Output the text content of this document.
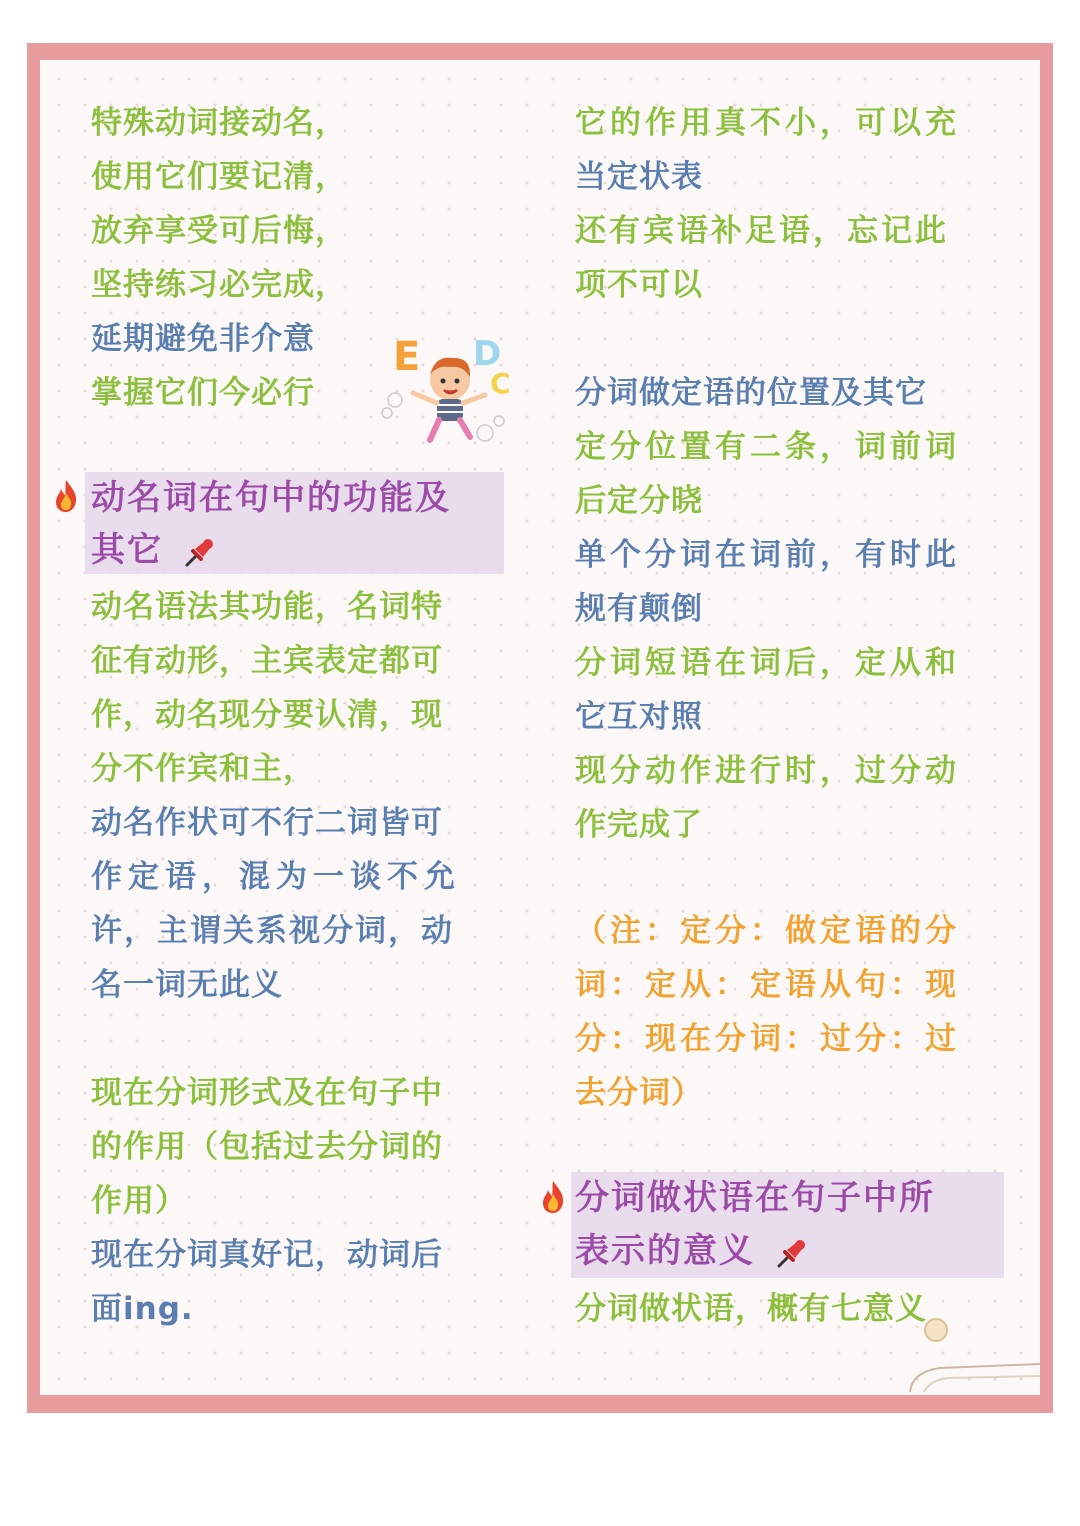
特殊动词接动名，
使用它们要记清，
放弃享受可后悔，
坚持练习必完成，
延期避免非介意
掌握它们今必行
E D
C
动名词在句中的功能及
其它
动名语法其功能，名词特
征有动形，主宾表定都可
作，动名现分要认清，现
分不作宾和主，
动名作状可不行二词皆可
作定语，混为一谈不允
许，主谓关系视分词，动
名一词无此义
现在分词形式及在句子中
的作用（包括过去分词的
作用）
现在分词真好记，动词后
面ing.
它的作用真不小，可以充
当定状表
还有宾语补足语，忘记此
项不可以
分词做定语的位置及其它
定分位置有二条，词前词
后定分晓
单个分词在词前，有时此
规有颠倒
分词短语在词后，定从和
它互对照
现分动作进行时，过分动
作完成了
（注：定分：做定语的分
词：定从：定语从句：现
分：现在分词：过分：过
去分词）
分词做状语在句子中所
表示的意义
分词做状语，概有七意义
